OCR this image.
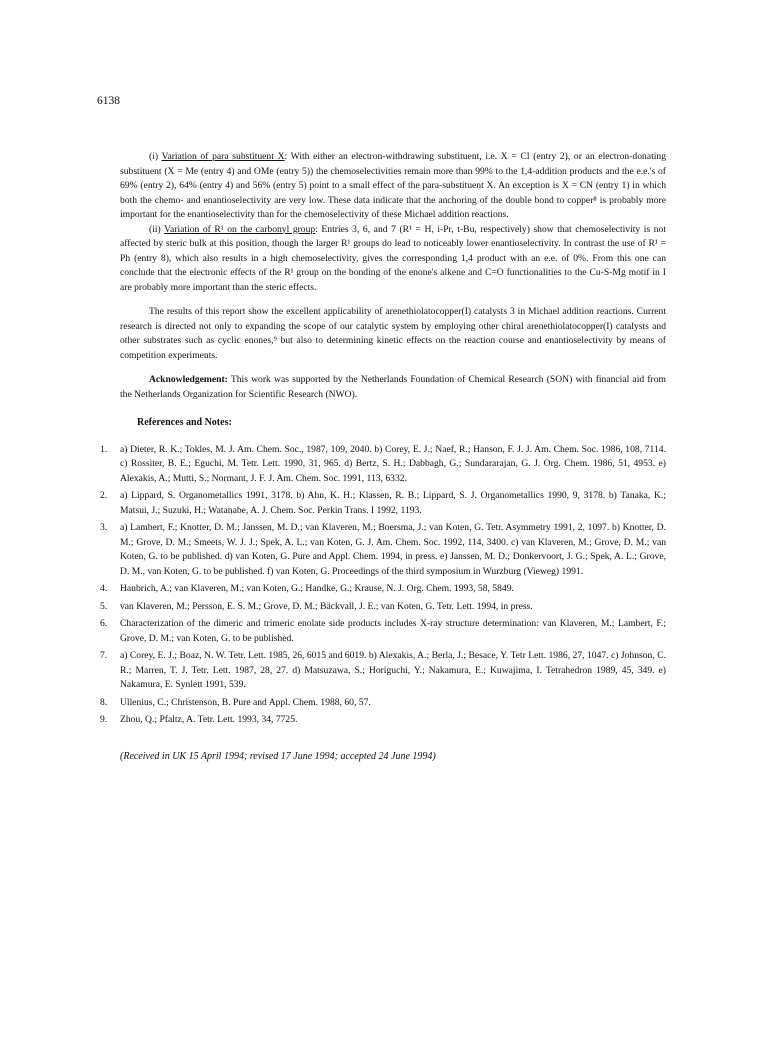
6138

(i) Variation of para substituent X: With either an electron-withdrawing substituent, i.e. X = Cl (entry 2), or an electron-donating substituent (X = Me (entry 4) and OMe (entry 5)) the chemoselectivities remain more than 99% to the 1,4-addition products and the e.e.'s of 69% (entry 2), 64% (entry 4) and 56% (entry 5) point to a small effect of the para-substituent X. An exception is X = CN (entry 1) in which both the chemo- and enantioselectivity are very low. These data indicate that the anchoring of the double bond to copper⁸ is probably more important for the enantioselectivity than for the chemoselectivity of these Michael addition reactions.

(ii) Variation of R¹ on the carbonyl group: Entries 3, 6, and 7 (R¹ = H, i-Pr, t-Bu, respectively) show that chemoselectivity is not affected by steric bulk at this position, though the larger R¹ groups do lead to noticeably lower enantioselectivity. In contrast the use of R¹ = Ph (entry 8), which also results in a high chemoselectivity, gives the corresponding 1,4 product with an e.e. of 0%. From this one can conclude that the electronic effects of the R¹ group on the bonding of the enone's alkene and C=O functionalities to the Cu-S-Mg motif in I are probably more important than the steric effects.

The results of this report show the excellent applicability of arenethiolatocopper(I) catalysts 3 in Michael addition reactions. Current research is directed not only to expanding the scope of our catalytic system by employing other chiral arenethiolatocopper(I) catalysts and other substrates such as cyclic enones,⁹ but also to determining kinetic effects on the reaction course and enantioselectivity by means of competition experiments.

Acknowledgement: This work was supported by the Netherlands Foundation of Chemical Research (SON) with financial aid from the Netherlands Organization for Scientific Research (NWO).

References and Notes:
1. a) Dieter, R. K.; Tokles, M. J. Am. Chem. Soc., 1987, 109, 2040. b) Corey, E. J.; Naef, R.; Hanson, F. J. J. Am. Chem. Soc. 1986, 108, 7114. c) Rossiter, B. E.; Eguchi, M. Tetr. Lett. 1990, 31, 965. d) Bertz, S. H.; Dabbagh, G.; Sundararajan, G. J. Org. Chem. 1986, 51, 4953. e) Alexakis, A.; Mutti, S.; Normant, J. F. J. Am. Chem. Soc. 1991, 113, 6332.
2. a) Lippard, S. Organometallics 1991, 3178. b) Ahn, K. H.; Klassen, R. B.; Lippard, S. J. Organometallics 1990, 9, 3178. b) Tanaka, K.; Matsui, J.; Suzuki, H.; Watanabe, A. J. Chem. Soc. Perkin Trans. I 1992, 1193.
3. a) Lambert, F.; Knotter, D. M.; Janssen, M. D.; van Klaveren, M.; Boersma, J.; van Koten, G. Tetr. Asymmetry 1991, 2, 1097. b) Knotter, D. M.; Grove, D. M.; Smeets, W. J. J.; Spek, A. L.; van Koten, G. J. Am. Chem. Soc. 1992, 114, 3400. c) van Klaveren, M.; Grove, D. M.; van Koten, G. to be published. d) van Koten, G. Pure and Appl. Chem. 1994, in press. e) Janssen, M. D.; Donkervoort, J. G.; Spek, A. L.; Grove, D. M., van Koten, G. to be published. f) van Koten, G. Proceedings of the third symposium in Wurzburg (Vieweg) 1991.
4. Haubrich, A.; van Klaveren, M.; van Koten, G.; Handke, G.; Krause, N. J. Org. Chem. 1993, 58, 5849.
5. van Klaveren, M.; Persson, E. S. M.; Grove, D. M.; Bäckvall, J. E.; van Koten, G. Tetr. Lett. 1994, in press.
6. Characterization of the dimeric and trimeric enolate side products includes X-ray structure determination: van Klaveren, M.; Lambert, F.; Grove, D. M.; van Koten, G. to be published.
7. a) Corey, E. J.; Boaz, N. W. Tetr. Lett. 1985, 26, 6015 and 6019. b) Alexakis, A.; Berla, J.; Besace, Y. Tetr Lett. 1986, 27, 1047. c) Johnson, C. R.; Marren, T. J. Tetr. Lett. 1987, 28, 27. d) Matsuzawa, S.; Horiguchi, Y.; Nakamura, E.; Kuwajima, I. Tetrahedron 1989, 45, 349. e) Nakamura, E. Synlett 1991, 539.
8. Ullenius, C.; Christenson, B. Pure and Appl. Chem. 1988, 60, 57.
9. Zhou, Q.; Pfaltz, A. Tetr. Lett. 1993, 34, 7725.
(Received in UK 15 April 1994; revised 17 June 1994; accepted 24 June 1994)
